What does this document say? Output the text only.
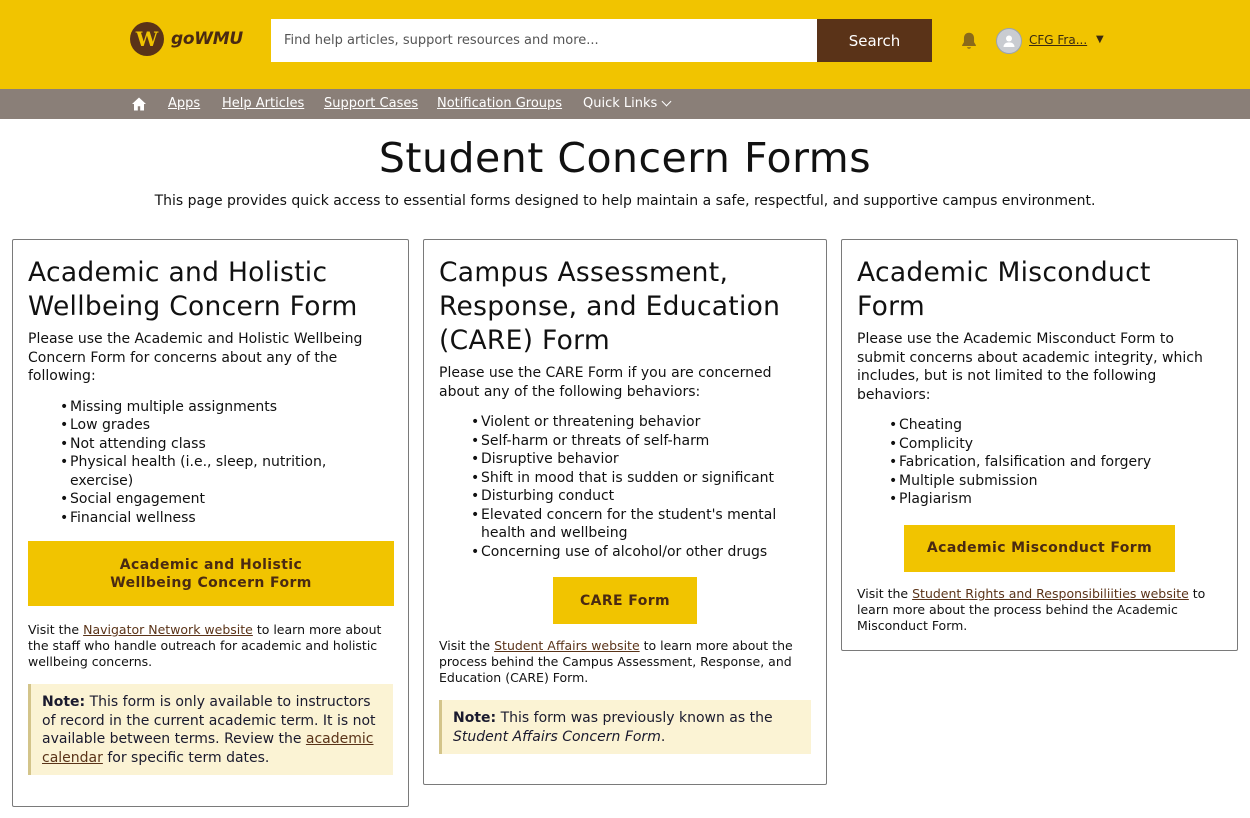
W goWMU
Find help articles, support resources and more...	Search	CFG Fra... ▼
Apps Help Articles Support Cases Notification Groups Quick Links
Student Concern Forms

This page provides quick access to essential forms designed to help maintain a safe, respectful, and supportive campus environment.

Academic and Holistic Wellbeing Concern Form

Please use the Academic and Holistic Wellbeing Concern Form for concerns about any of the following:

• Missing multiple assignments
• Low grades
• Not attending class
• Physical health (i.e., sleep, nutrition, exercise)
• Social engagement
• Financial wellness
Academic and Holistic Wellbeing Concern Form

Visit the Navigator Network website to learn more about the staff who handle outreach for academic and holistic wellbeing concerns.

Note: This form is only available to instructors of record in the current academic term. It is not available between terms. Review the academic calendar for specific term dates.
Campus Assessment, Response, and Education (CARE) Form

Please use the CARE Form if you are concerned about any of the following behaviors:

• Violent or threatening behavior
• Self-harm or threats of self-harm
• Disruptive behavior
• Shift in mood that is sudden or significant
• Disturbing conduct
• Elevated concern for the student's mental health and wellbeing
• Concerning use of alcohol/or other drugs
CARE Form

Visit the Student Affairs website to learn more about the process behind the Campus Assessment, Response, and Education (CARE) Form.

Note: This form was previously known as the Student Affairs Concern Form.
Academic Misconduct Form

Please use the Academic Misconduct Form to submit concerns about academic integrity, which includes, but is not limited to the following behaviors:

• Cheating
• Complicity
• Fabrication, falsification and forgery
• Multiple submission
• Plagiarism
Academic Misconduct Form

Visit the Student Rights and Responsibiliities website to learn more about the process behind the Academic Misconduct Form.
